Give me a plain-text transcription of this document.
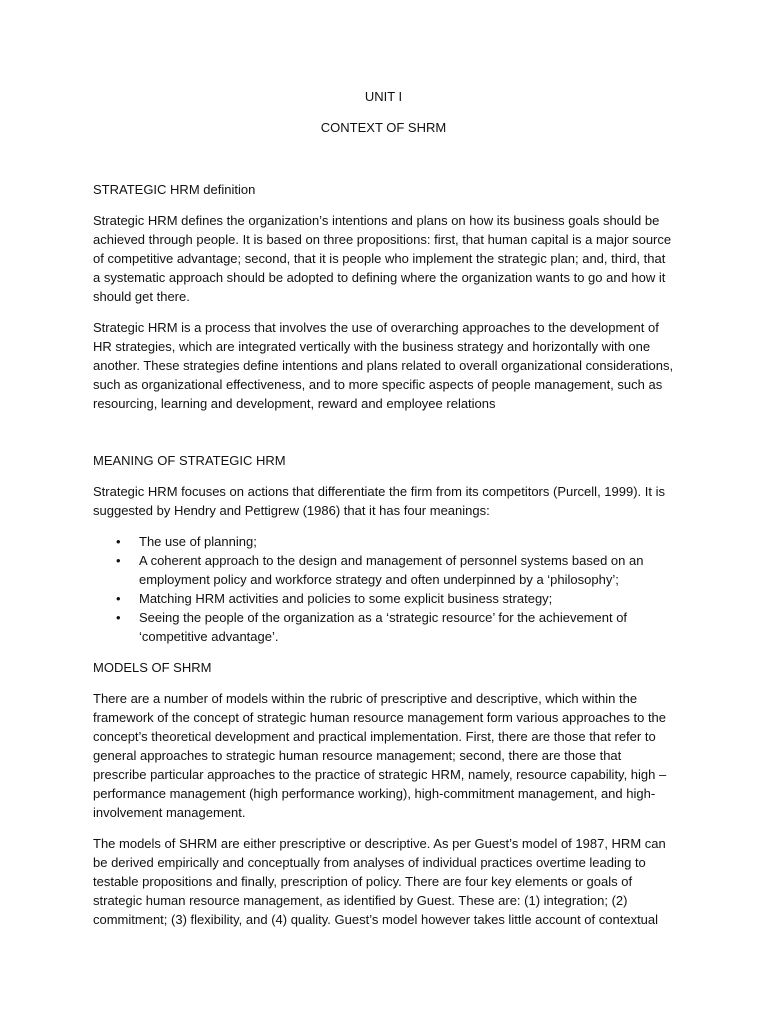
UNIT I
CONTEXT OF SHRM
STRATEGIC HRM definition

Strategic HRM defines the organization’s intentions and plans on how its business goals should be achieved through people. It is based on three propositions: first, that human capital is a major source of competitive advantage; second, that it is people who implement the strategic plan; and, third, that a systematic approach should be adopted to defining where the organization wants to go and how it should get there.

Strategic HRM is a process that involves the use of overarching approaches to the development of HR strategies, which are integrated vertically with the business strategy and horizontally with one another. These strategies define intentions and plans related to overall organizational considerations, such as organizational effectiveness, and to more specific aspects of people management, such as resourcing, learning and development, reward and employee relations

MEANING OF STRATEGIC HRM

Strategic HRM focuses on actions that differentiate the firm from its competitors (Purcell, 1999). It is suggested by Hendry and Pettigrew (1986) that it has four meanings:

• The use of planning;
• A coherent approach to the design and management of personnel systems based on an employment policy and workforce strategy and often underpinned by a ‘philosophy’;
• Matching HRM activities and policies to some explicit business strategy;
• Seeing the people of the organization as a ‘strategic resource’ for the achievement of ‘competitive advantage’.
MODELS OF SHRM

There are a number of models within the rubric of prescriptive and descriptive, which within the framework of the concept of strategic human resource management form various approaches to the concept’s theoretical development and practical implementation. First, there are those that refer to general approaches to strategic human resource management; second, there are those that prescribe particular approaches to the practice of strategic HRM, namely, resource capability, high – performance management (high performance working), high-commitment management, and high-involvement management.

The models of SHRM are either prescriptive or descriptive. As per Guest’s model of 1987, HRM can be derived empirically and conceptually from analyses of individual practices overtime leading to testable propositions and finally, prescription of policy. There are four key elements or goals of strategic human resource management, as identified by Guest. These are: (1) integration; (2) commitment; (3) flexibility, and (4) quality. Guest’s model however takes little account of contextual
